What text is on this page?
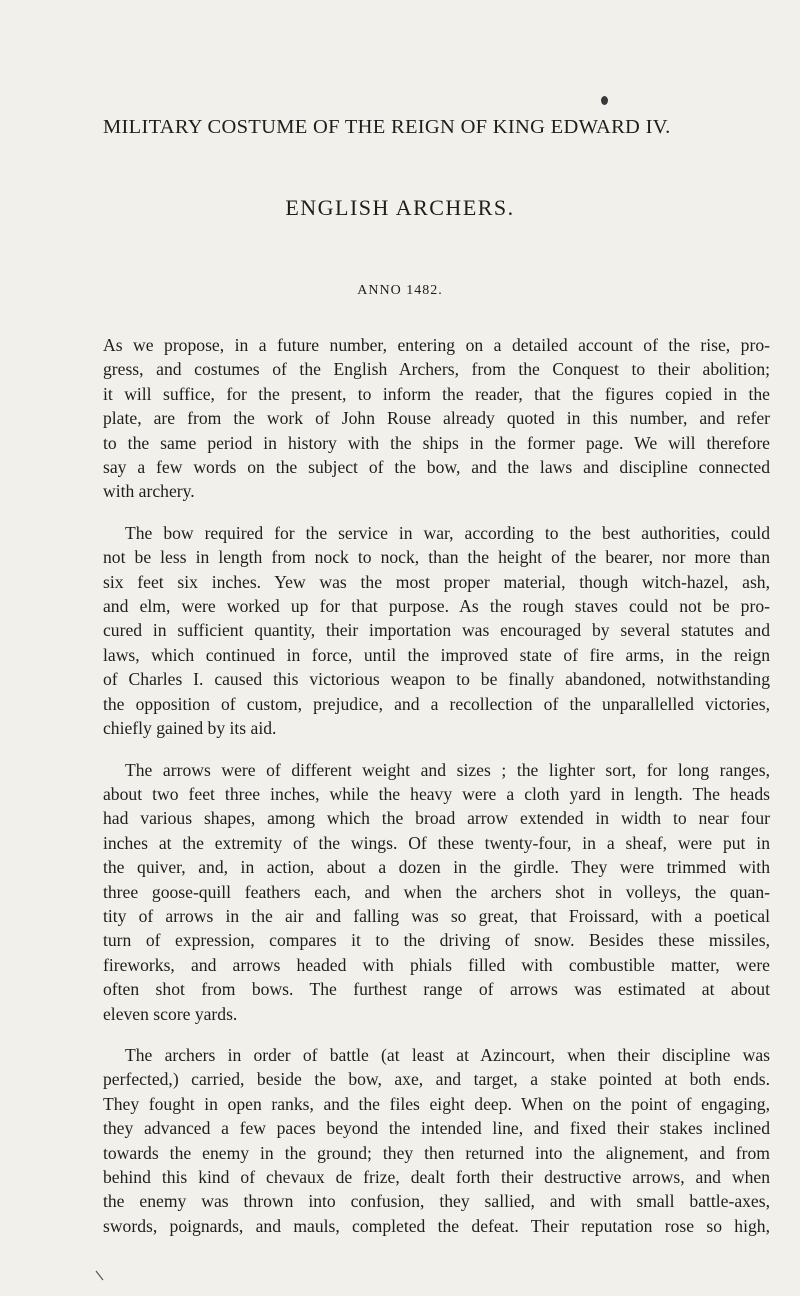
MILITARY COSTUME OF THE REIGN OF KING EDWARD IV.
ENGLISH ARCHERS.
ANNO 1482.
As we propose, in a future number, entering on a detailed account of the rise, pro-
gress, and costumes of the English Archers, from the Conquest to their abolition;
it will suffice, for the present, to inform the reader, that the figures copied in the
plate, are from the work of John Rouse already quoted in this number, and refer
to the same period in history with the ships in the former page. We will therefore
say a few words on the subject of the bow, and the laws and discipline connected
with archery.
The bow required for the service in war, according to the best authorities, could
not be less in length from nock to nock, than the height of the bearer, nor more than
six feet six inches. Yew was the most proper material, though witch-hazel, ash,
and elm, were worked up for that purpose. As the rough staves could not be pro-
cured in sufficient quantity, their importation was encouraged by several statutes and
laws, which continued in force, until the improved state of fire arms, in the reign
of Charles I. caused this victorious weapon to be finally abandoned, notwithstanding
the opposition of custom, prejudice, and a recollection of the unparallelled victories,
chiefly gained by its aid.
The arrows were of different weight and sizes ; the lighter sort, for long ranges,
about two feet three inches, while the heavy were a cloth yard in length. The heads
had various shapes, among which the broad arrow extended in width to near four
inches at the extremity of the wings. Of these twenty-four, in a sheaf, were put in
the quiver, and, in action, about a dozen in the girdle. They were trimmed with
three goose-quill feathers each, and when the archers shot in volleys, the quan-
tity of arrows in the air and falling was so great, that Froissard, with a poetical
turn of expression, compares it to the driving of snow. Besides these missiles,
fireworks, and arrows headed with phials filled with combustible matter, were
often shot from bows. The furthest range of arrows was estimated at about
eleven score yards.
The archers in order of battle (at least at Azincourt, when their discipline was
perfected,) carried, beside the bow, axe, and target, a stake pointed at both ends.
They fought in open ranks, and the files eight deep. When on the point of engaging,
they advanced a few paces beyond the intended line, and fixed their stakes inclined
towards the enemy in the ground; they then returned into the alignement, and from
behind this kind of chevaux de frize, dealt forth their destructive arrows, and when
the enemy was thrown into confusion, they sallied, and with small battle-axes,
swords, poignards, and mauls, completed the defeat. Their reputation rose so high,
